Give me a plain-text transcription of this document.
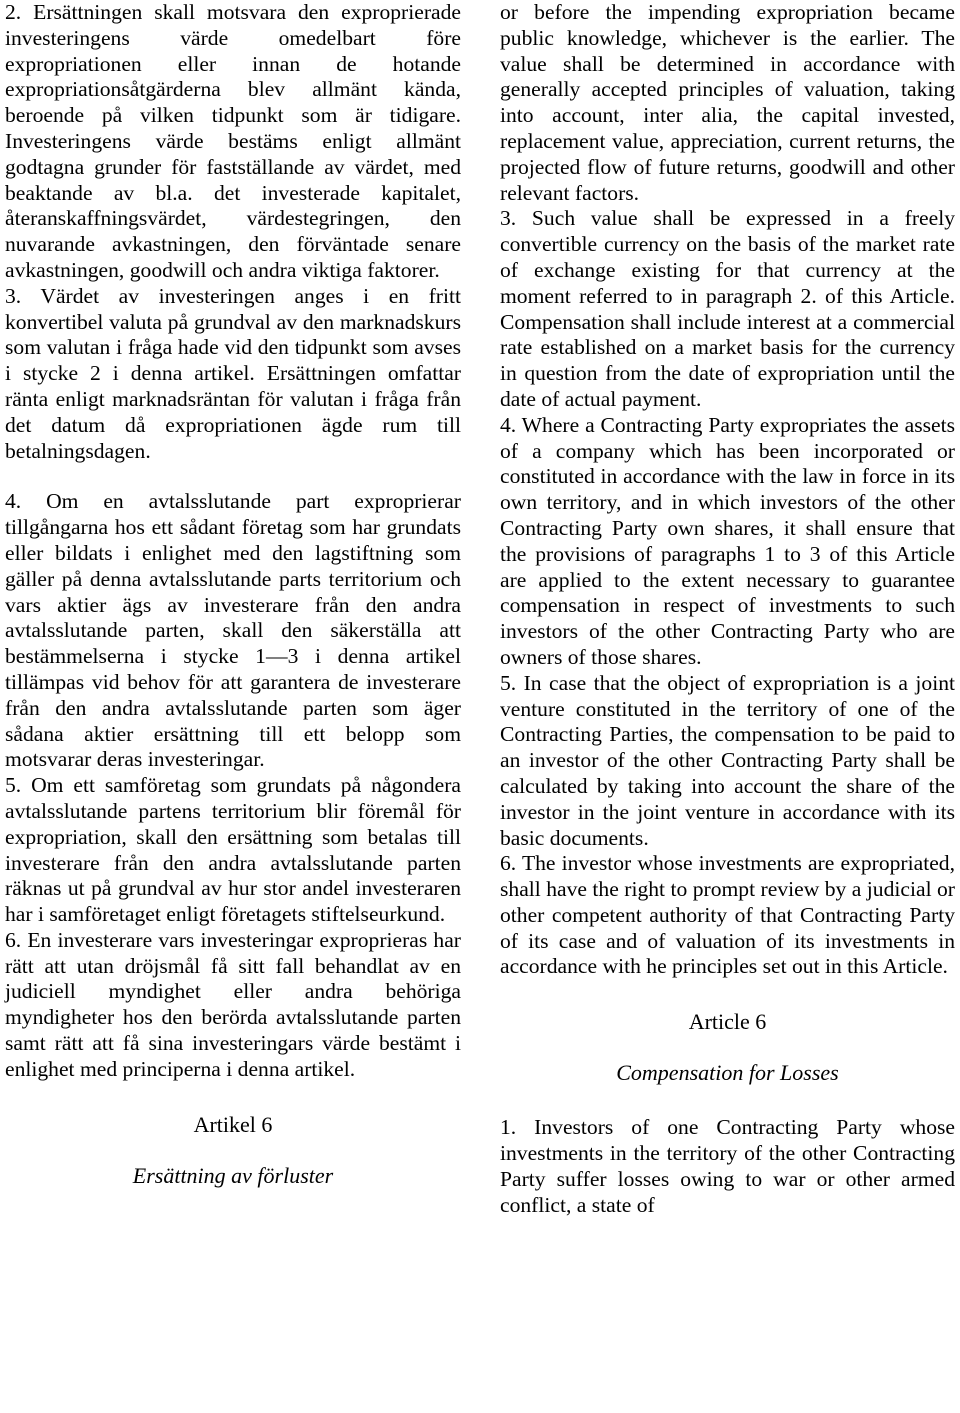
2. Ersättningen skall motsvara den exproprierade investeringens värde omedelbart före expropriationen eller innan de hotande expropriationsåtgärderna blev allmänt kända, beroende på vilken tidpunkt som är tidigare. Investeringens värde bestäms enligt allmänt godtagna grunder för fastställande av värdet, med beaktande av bl.a. det investerade kapitalet, återanskaffningsvärdet, värdestegringen, den nuvarande avkastningen, den förväntade senare avkastningen, goodwill och andra viktiga faktorer.

3. Värdet av investeringen anges i en fritt konvertibel valuta på grundval av den marknadskurs som valutan i fråga hade vid den tidpunkt som avses i stycke 2 i denna artikel. Ersättningen omfattar ränta enligt marknadsräntan för valutan i fråga från det datum då expropriationen ägde rum till betalningsdagen.

4. Om en avtalsslutande part exproprierar tillgångarna hos ett sådant företag som har grundats eller bildats i enlighet med den lagstiftning som gäller på denna avtalsslutande parts territorium och vars aktier ägs av investerare från den andra avtalsslutande parten, skall den säkerställa att bestämmelserna i stycke 1—3 i denna artikel tillämpas vid behov för att garantera de investerare från den andra avtalsslutande parten som äger sådana aktier ersättning till ett belopp som motsvarar deras investeringar.

5. Om ett samföretag som grundats på någondera avtalsslutande partens territorium blir föremål för expropriation, skall den ersättning som betalas till investerare från den andra avtalsslutande parten räknas ut på grundval av hur stor andel investeraren har i samföretaget enligt företagets stiftelseurkund.

6. En investerare vars investeringar exproprieras har rätt att utan dröjsmål få sitt fall behandlat av en judiciell myndighet eller andra behöriga myndigheter hos den berörda avtalsslutande parten samt rätt att få sina investeringars värde bestämt i enlighet med principerna i denna artikel.

Artikel 6

Ersättning av förluster

or before the impending expropriation became public knowledge, whichever is the earlier. The value shall be determined in accordance with generally accepted principles of valuation, taking into account, inter alia, the capital invested, replacement value, appreciation, current returns, the projected flow of future returns, goodwill and other relevant factors.

3. Such value shall be expressed in a freely convertible currency on the basis of the market rate of exchange existing for that currency at the moment referred to in paragraph 2. of this Article. Compensation shall include interest at a commercial rate established on a market basis for the currency in question from the date of expropriation until the date of actual payment.

4. Where a Contracting Party expropriates the assets of a company which has been incorporated or constituted in accordance with the law in force in its own territory, and in which investors of the other Contracting Party own shares, it shall ensure that the provisions of paragraphs 1 to 3 of this Article are applied to the extent necessary to guarantee compensation in respect of investments to such investors of the other Contracting Party who are owners of those shares.

5. In case that the object of expropriation is a joint venture constituted in the territory of one of the Contracting Parties, the compensation to be paid to an investor of the other Contracting Party shall be calculated by taking into account the share of the investor in the joint venture in accordance with its basic documents.

6. The investor whose investments are expropriated, shall have the right to prompt review by a judicial or other competent authority of that Contracting Party of its case and of valuation of its investments in accordance with he principles set out in this Article.

Article 6

Compensation for Losses

1. Investors of one Contracting Party whose investments in the territory of the other Contracting Party suffer losses owing to war or other armed conflict, a state of
